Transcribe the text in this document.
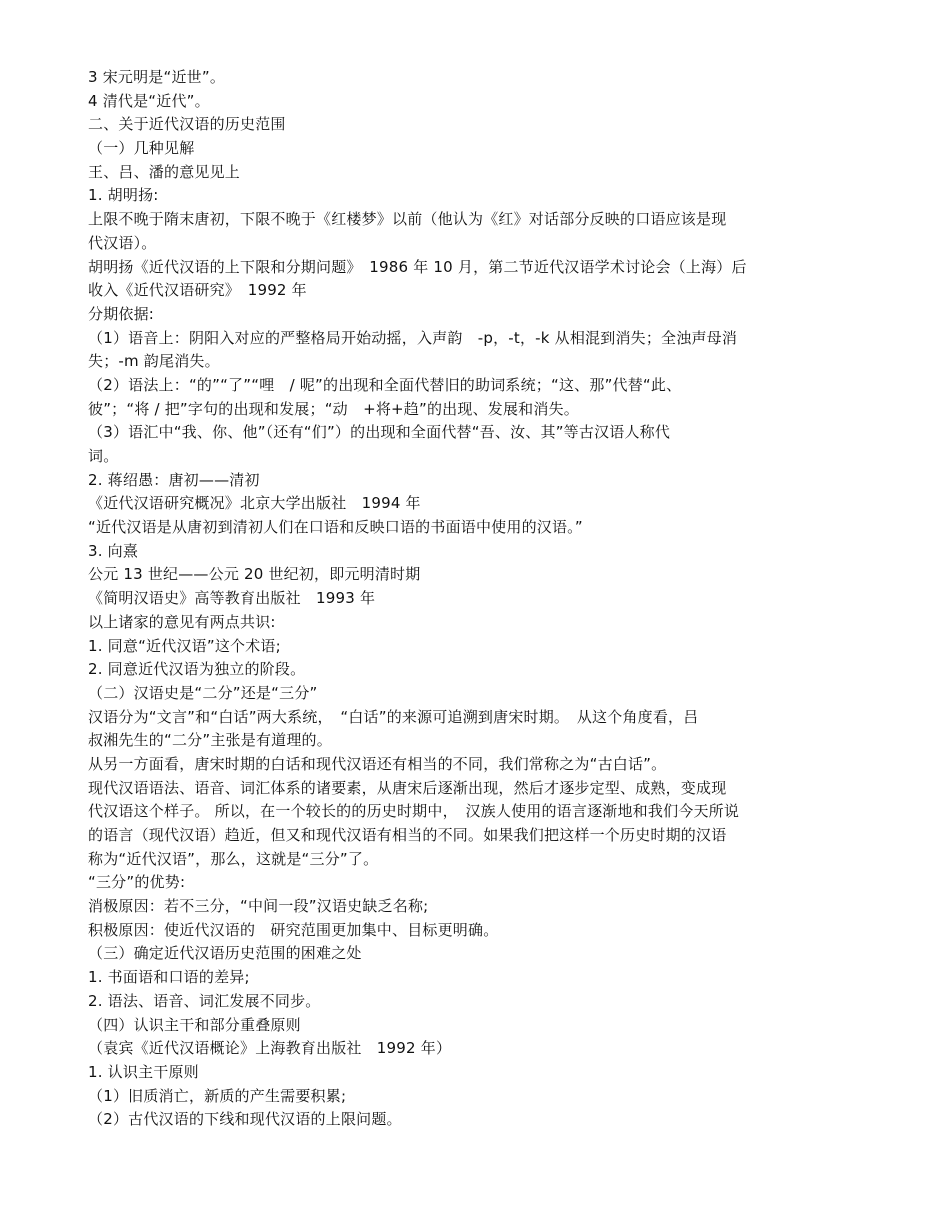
3 宋元明是“近世”。
4 清代是“近代”。
二、关于近代汉语的历史范围
（一）几种见解
王、吕、潘的意见见上
1. 胡明扬:
上限不晚于隋末唐初，下限不晚于《红楼梦》以前（他认为《红》对话部分反映的口语应该是现
代汉语）。
胡明扬《近代汉语的上下限和分期问题》　1986 年 10 月，第二节近代汉语学术讨论会（上海）后
收入《近代汉语研究》　1992 年
分期依据:
（1）语音上：阴阳入对应的严整格局开始动摇，入声韵　-p，-t，-k 从相混到消失；全浊声母消
失；-m 韵尾消失。
（2）语法上：“的”“了”“哩　/ 呢”的出现和全面代替旧的助词系统；“这、那”代替“此、
彼”；“将 / 把”字句的出现和发展；“动　+将+趋”的出现、发展和消失。
（3）语汇中“我、你、他”（还有“们”）的出现和全面代替“吾、汝、其”等古汉语人称代
词。
2. 蒋绍愚：唐初——清初
《近代汉语研究概况》北京大学出版社　1994 年
“近代汉语是从唐初到清初人们在口语和反映口语的书面语中使用的汉语。”
3. 向熹
公元 13 世纪——公元 20 世纪初，即元明清时期
《简明汉语史》高等教育出版社　1993 年
以上诸家的意见有两点共识:
1. 同意“近代汉语”这个术语;
2. 同意近代汉语为独立的阶段。
（二）汉语史是“二分”还是“三分”
汉语分为“文言”和“白话”两大系统，　“白话”的来源可追溯到唐宋时期。　从这个角度看，吕
叔湘先生的“二分”主张是有道理的。
从另一方面看，唐宋时期的白话和现代汉语还有相当的不同，我们常称之为“古白话”。
现代汉语语法、语音、词汇体系的诸要素，从唐宋后逐渐出现，然后才逐步定型、成熟，变成现
代汉语这个样子。 所以，在一个较长的的历史时期中，　汉族人使用的语言逐渐地和我们今天所说
的语言（现代汉语）趋近，但又和现代汉语有相当的不同。如果我们把这样一个历史时期的汉语
称为“近代汉语”，那么，这就是“三分”了。
“三分”的优势:
消极原因：若不三分，“中间一段”汉语史缺乏名称;
积极原因：使近代汉语的　研究范围更加集中、目标更明确。
（三）确定近代汉语历史范围的困难之处
1. 书面语和口语的差异;
2. 语法、语音、词汇发展不同步。
（四）认识主干和部分重叠原则
（袁宾《近代汉语概论》上海教育出版社　1992 年）
1. 认识主干原则
（1）旧质消亡，新质的产生需要积累;
（2）古代汉语的下线和现代汉语的上限问题。
